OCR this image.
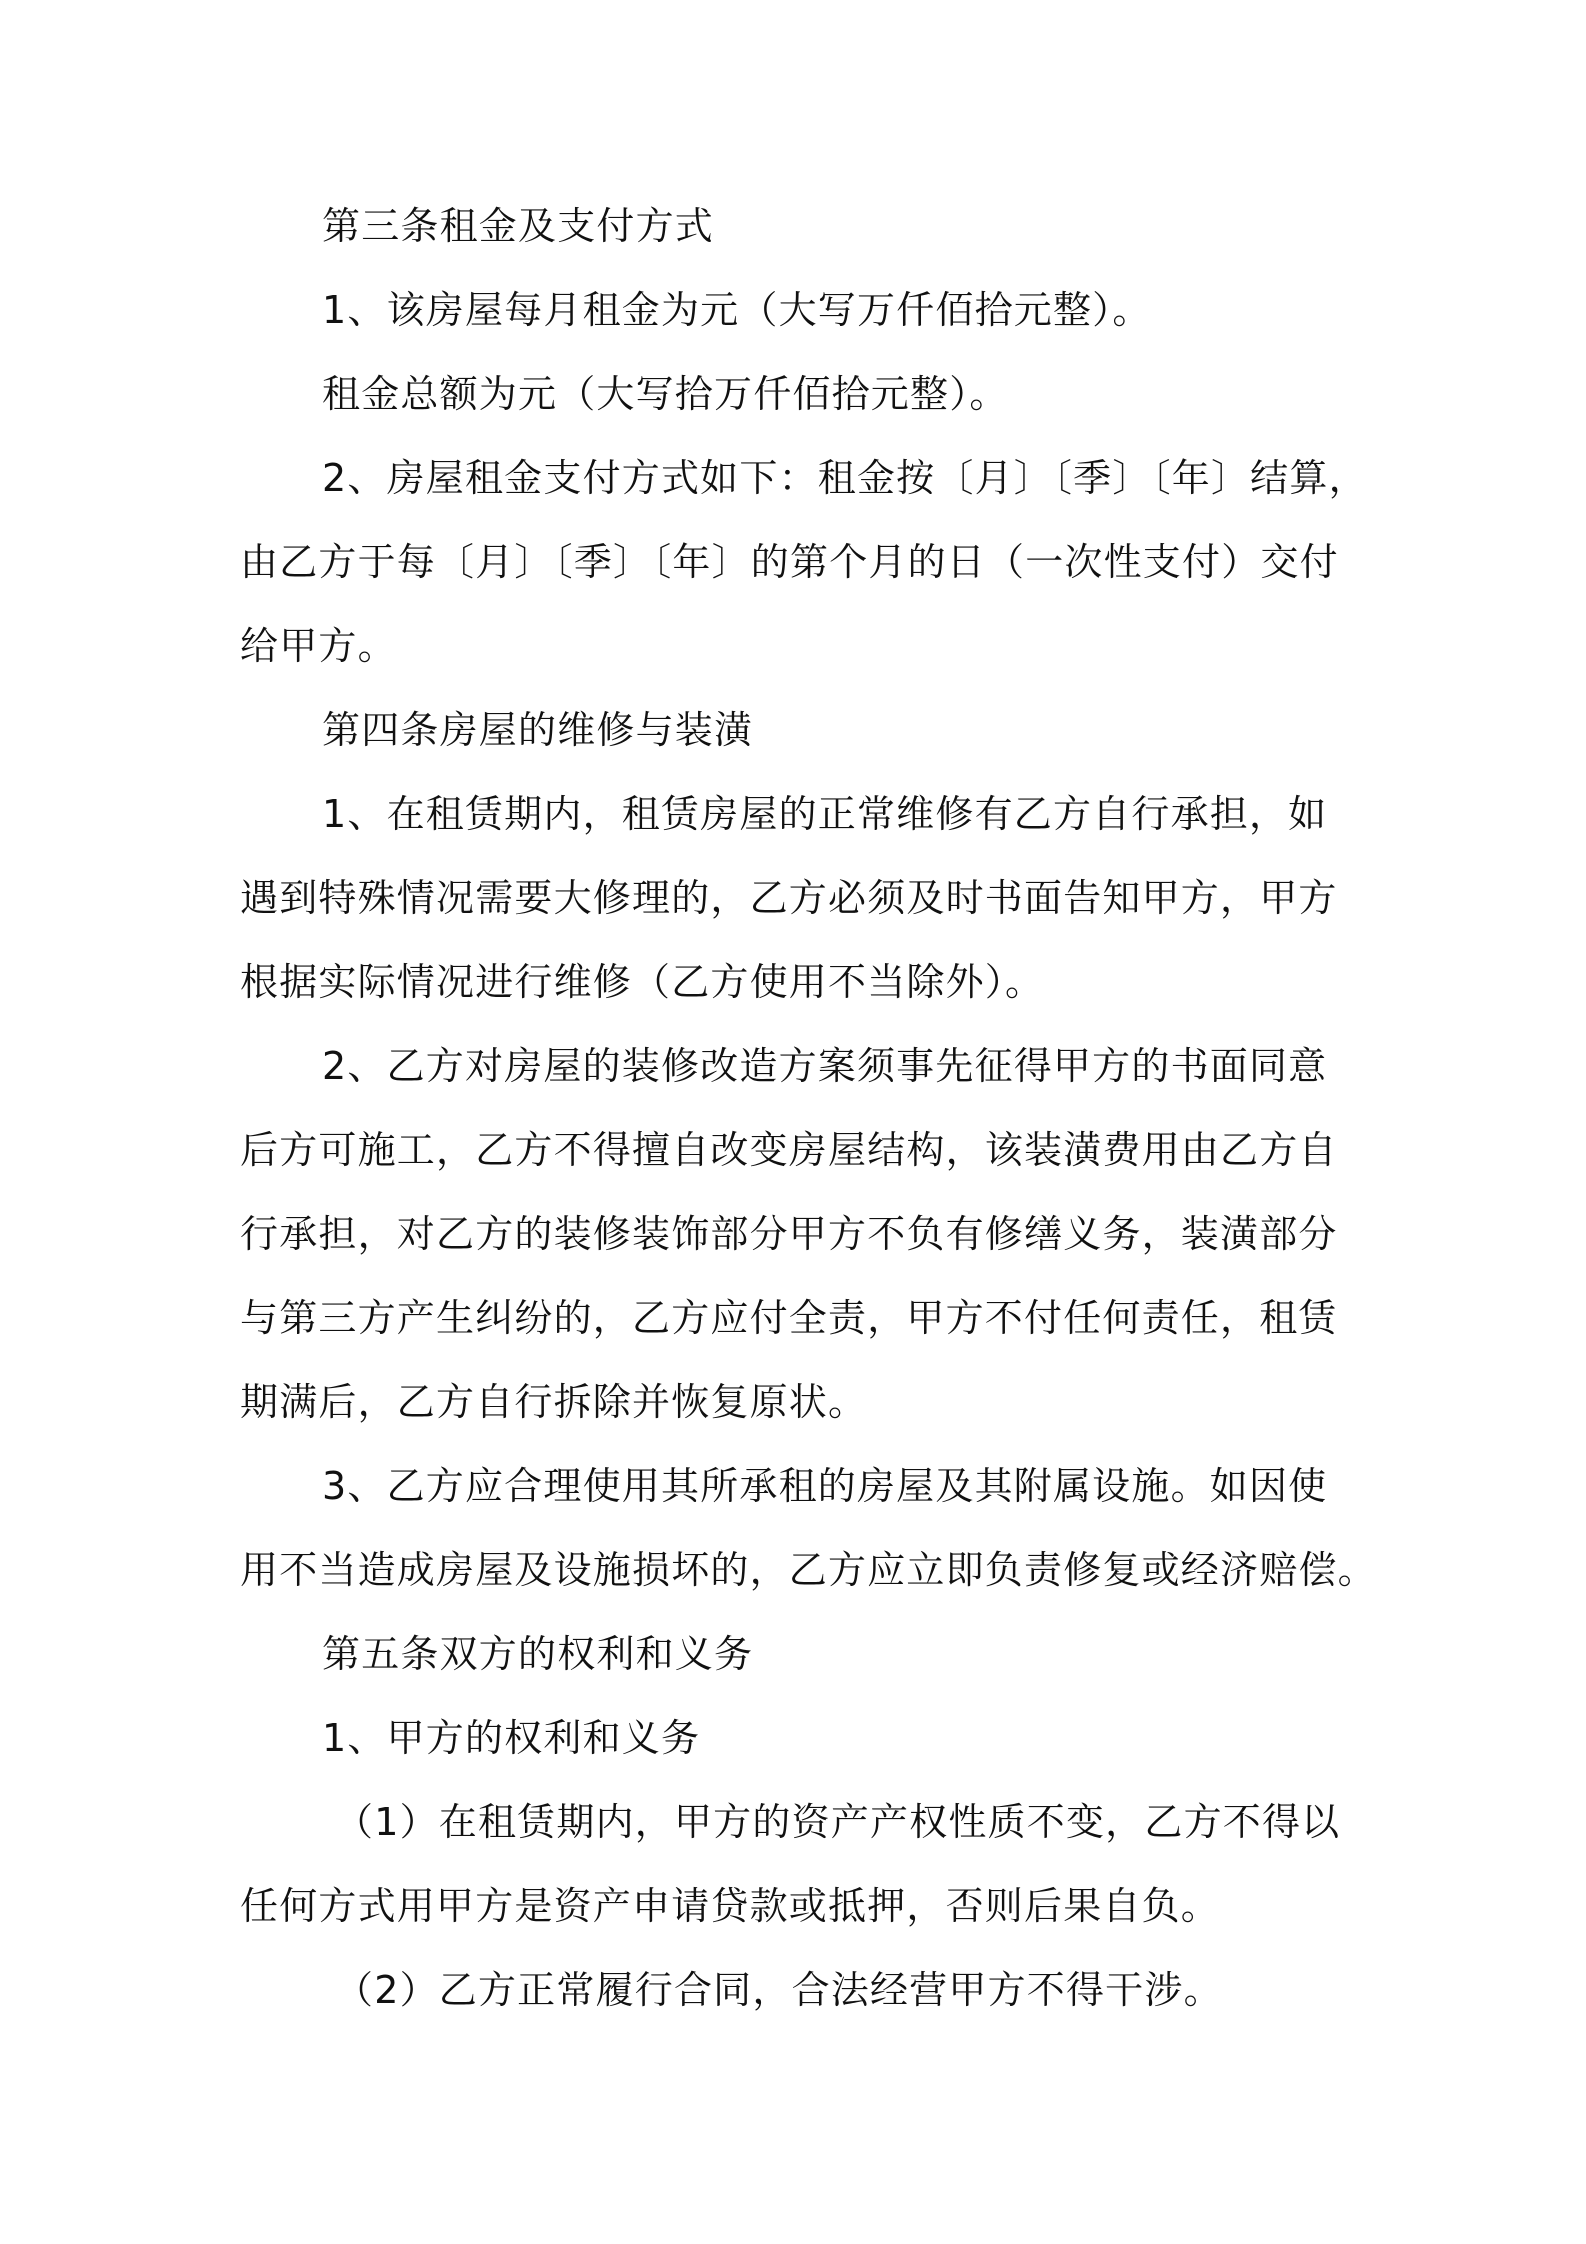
第三条租金及支付方式
1、该房屋每月租金为元（大写万仟佰拾元整）。
租金总额为元（大写拾万仟佰拾元整）。
2、房屋租金支付方式如下：租金按〔月〕〔季〕〔年〕结算，
由乙方于每〔月〕〔季〕〔年〕的第个月的日（一次性支付）交付
给甲方。
第四条房屋的维修与装潢
1、在租赁期内，租赁房屋的正常维修有乙方自行承担，如
遇到特殊情况需要大修理的，乙方必须及时书面告知甲方，甲方
根据实际情况进行维修（乙方使用不当除外）。
2、乙方对房屋的装修改造方案须事先征得甲方的书面同意
后方可施工，乙方不得擅自改变房屋结构，该装潢费用由乙方自
行承担，对乙方的装修装饰部分甲方不负有修缮义务，装潢部分
与第三方产生纠纷的，乙方应付全责，甲方不付任何责任，租赁
期满后，乙方自行拆除并恢复原状。
3、乙方应合理使用其所承租的房屋及其附属设施。如因使
用不当造成房屋及设施损坏的，乙方应立即负责修复或经济赔偿。
第五条双方的权利和义务
1、甲方的权利和义务
（1）在租赁期内，甲方的资产产权性质不变，乙方不得以
任何方式用甲方是资产申请贷款或抵押，否则后果自负。
（2）乙方正常履行合同，合法经营甲方不得干涉。
